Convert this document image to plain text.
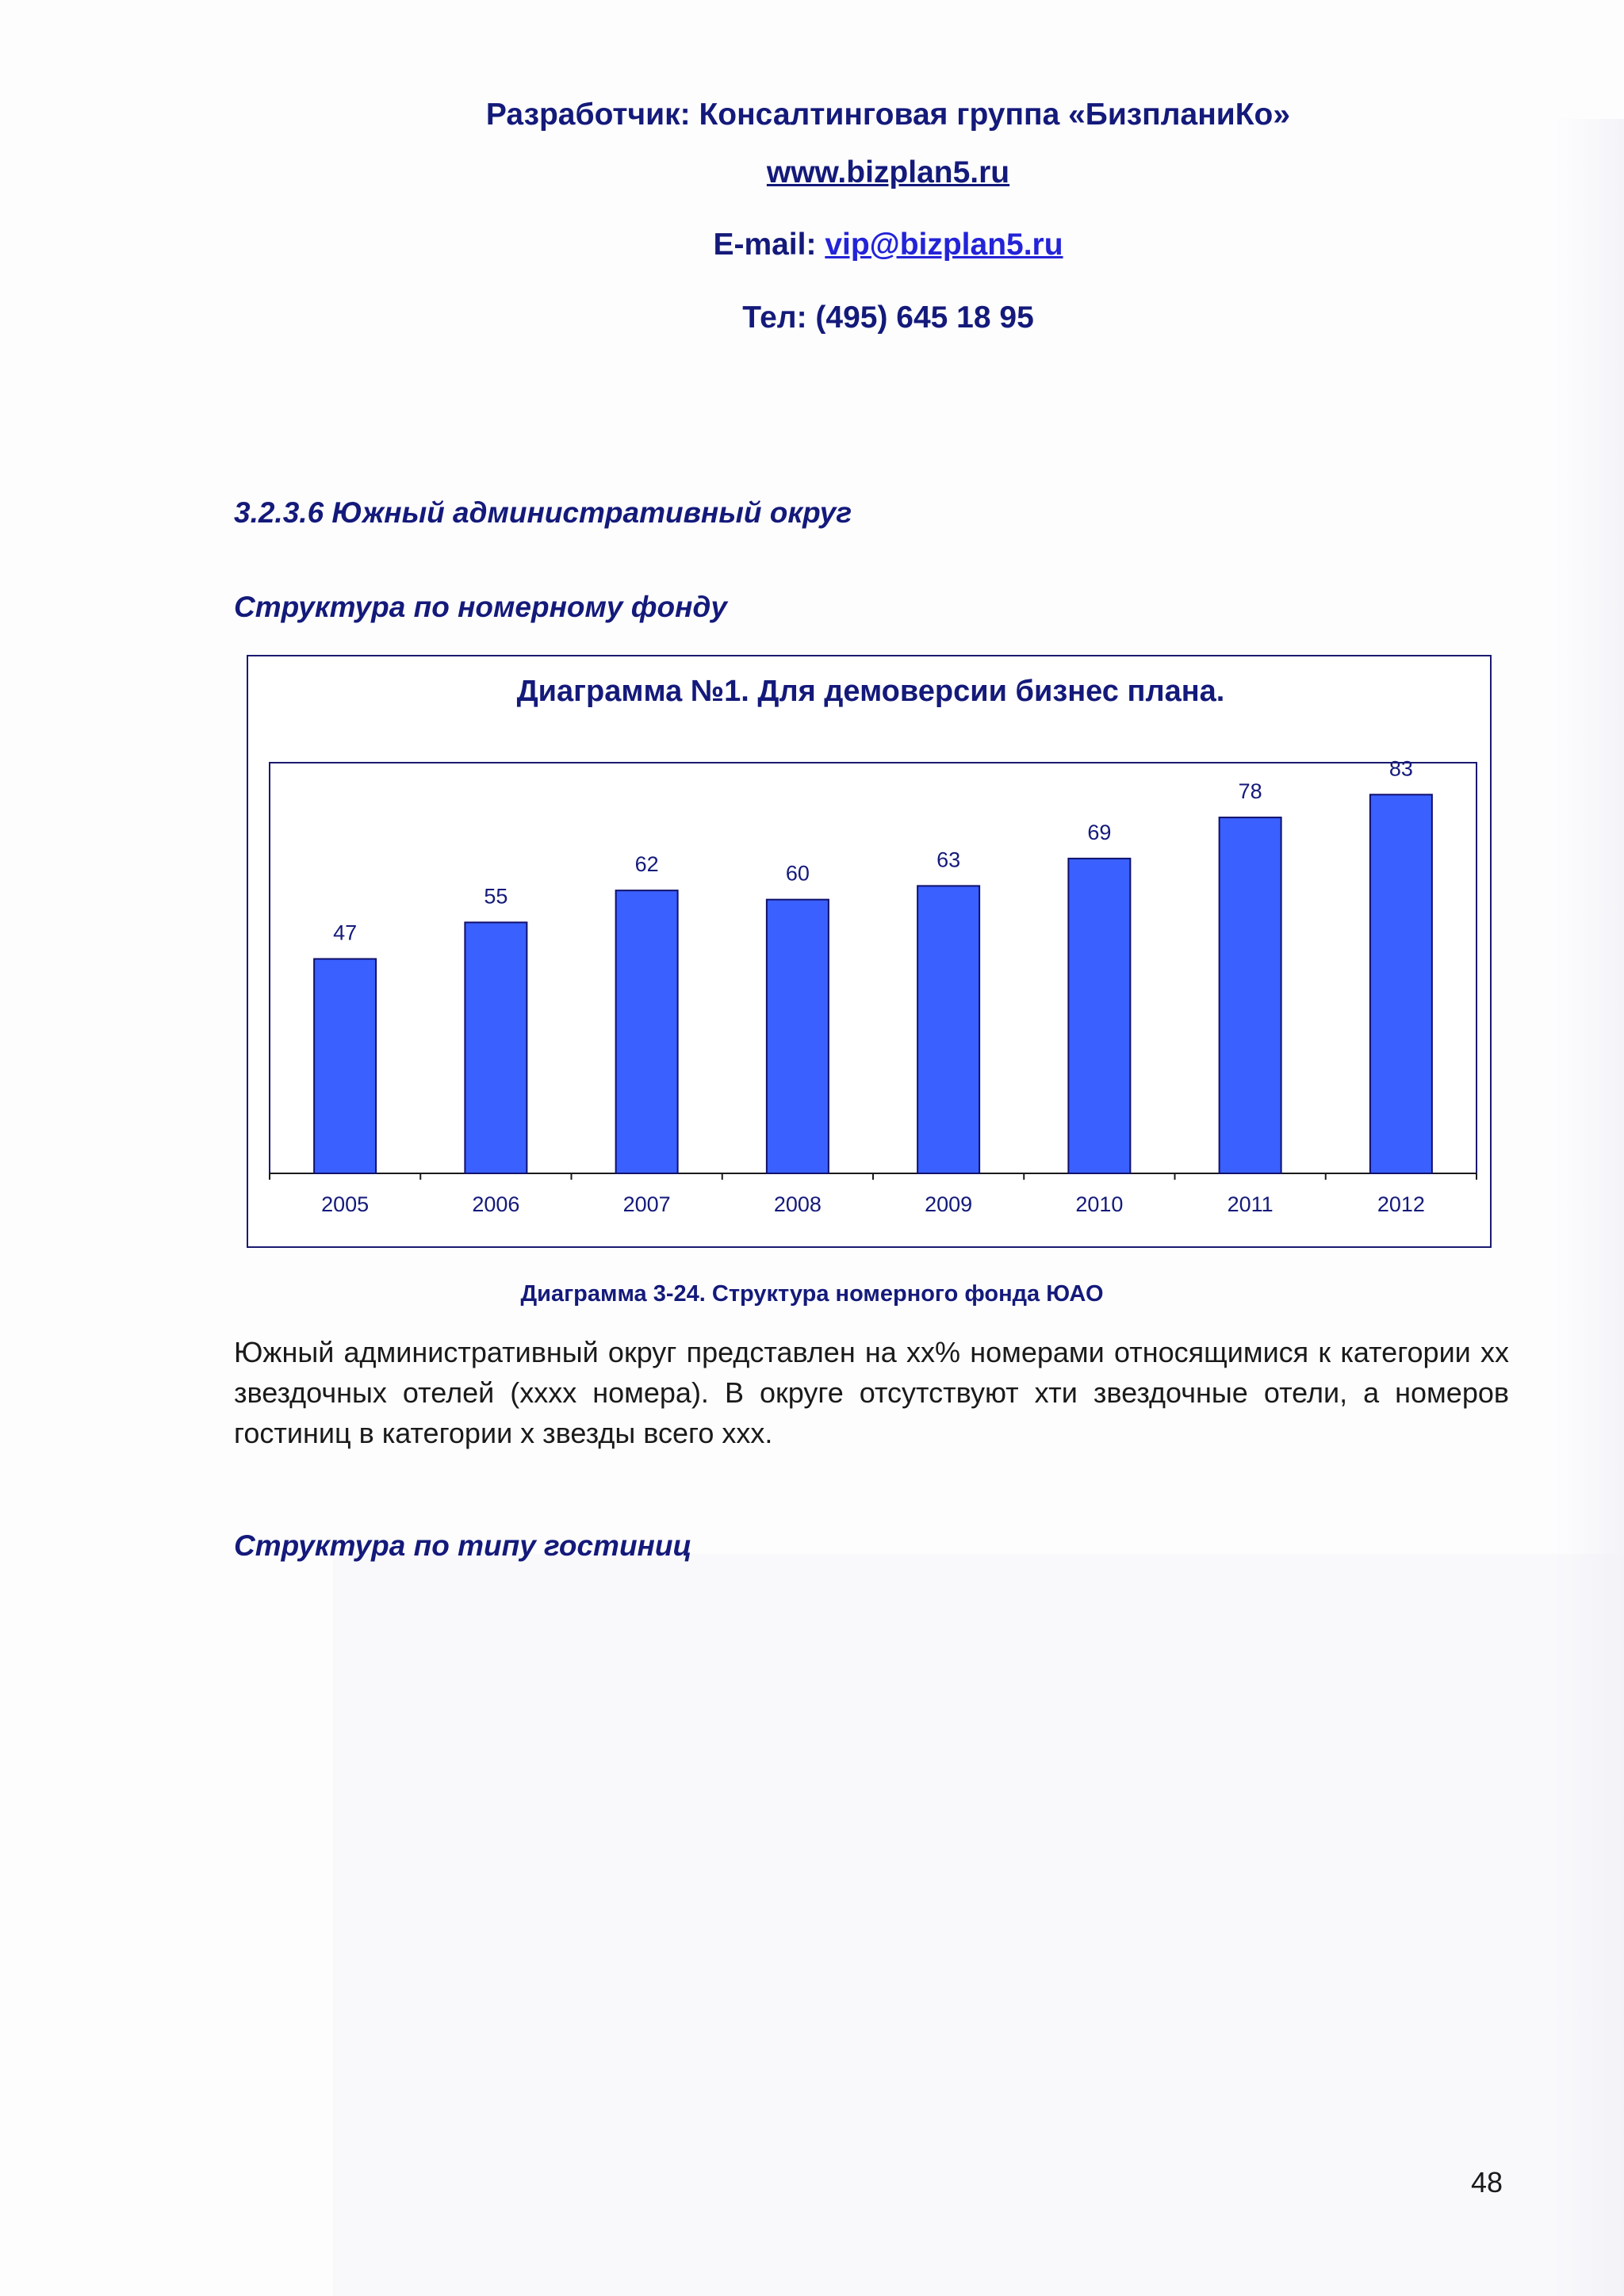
Разработчик: Консалтинговая группа «БизпланиКо»
www.bizplan5.ru
E-mail: vip@bizplan5.ru
Тел: (495) 645 18 95
3.2.3.6 Южный административный округ
Структура по номерному фонду
Диаграмма №1. Для демоверсии бизнес плана.
47
2005
55
2006
62
2007
60
2008
63
2009
69
2010
78
2011
83
2012
Диаграмма 3-24. Структура номерного фонда ЮАО
Южный административный округ представлен на хх% номерами относящимися к категории хх звездочных отелей (хххх номера). В округе отсутствуют хти звездочные отели, а номеров гостиниц в категории х звезды всего ххх.
Структура по типу гостиниц
48
